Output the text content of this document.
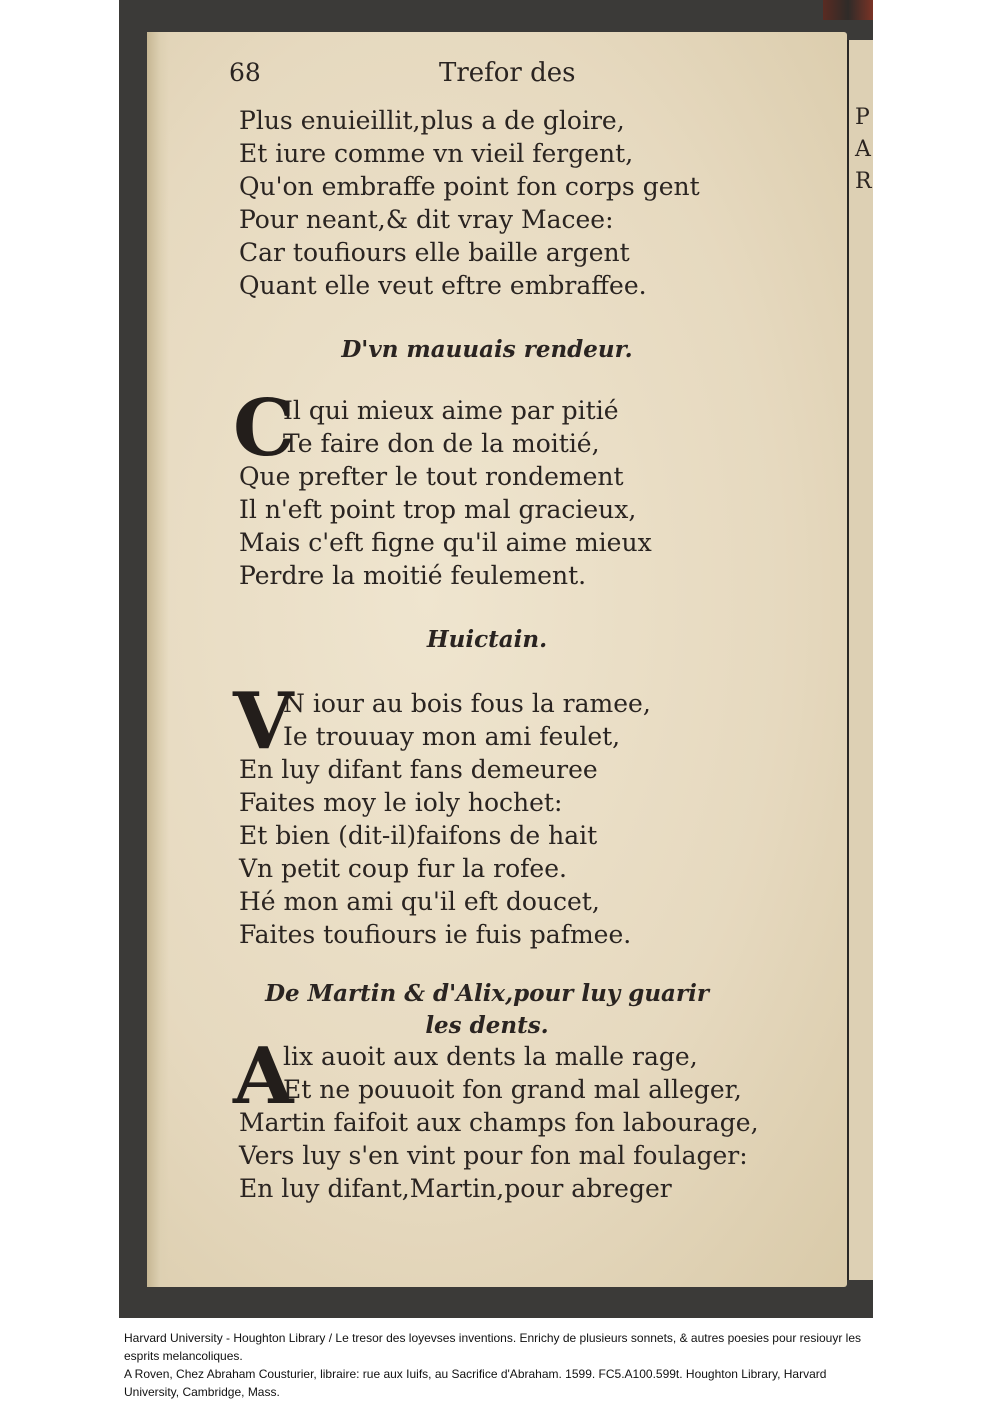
P
A
R
68	Trefor des
Plus enuieillit,plus a de gloire,
Et iure comme vn vieil fergent,
Qu'on embraffe point fon corps gent
Pour neant,& dit vray Macee:
Car toufiours elle baille argent
Quant elle veut eftre embraffee.
D'vn mauuais rendeur.
C
Il qui mieux aime par pitié
Te faire don de la moitié,
Que prefter le tout rondement
Il n'eft point trop mal gracieux,
Mais c'eft figne qu'il aime mieux
Perdre la moitié feulement.
Huictain.
V
N iour au bois fous la ramee,
Ie trouuay mon ami feulet,
En luy difant fans demeuree
Faites moy le ioly hochet:
Et bien (dit-il)faifons de hait
Vn petit coup fur la rofee.
Hé mon ami qu'il eft doucet,
Faites toufiours ie fuis pafmee.
De Martin & d'Alix,pour luy guarir
les dents.
A
lix auoit aux dents la malle rage,
Et ne pouuoit fon grand mal alleger,
Martin faifoit aux champs fon labourage,
Vers luy s'en vint pour fon mal foulager:
En luy difant,Martin,pour abreger

Harvard University - Houghton Library / Le tresor des loyevses inventions. Enrichy de plusieurs sonnets, & autres poesies pour resiouyr les esprits melancoliques.

A Roven, Chez Abraham Cousturier, libraire: rue aux Iuifs, au Sacrifice d'Abraham. 1599. FC5.A100.599t. Houghton Library, Harvard University, Cambridge, Mass.
